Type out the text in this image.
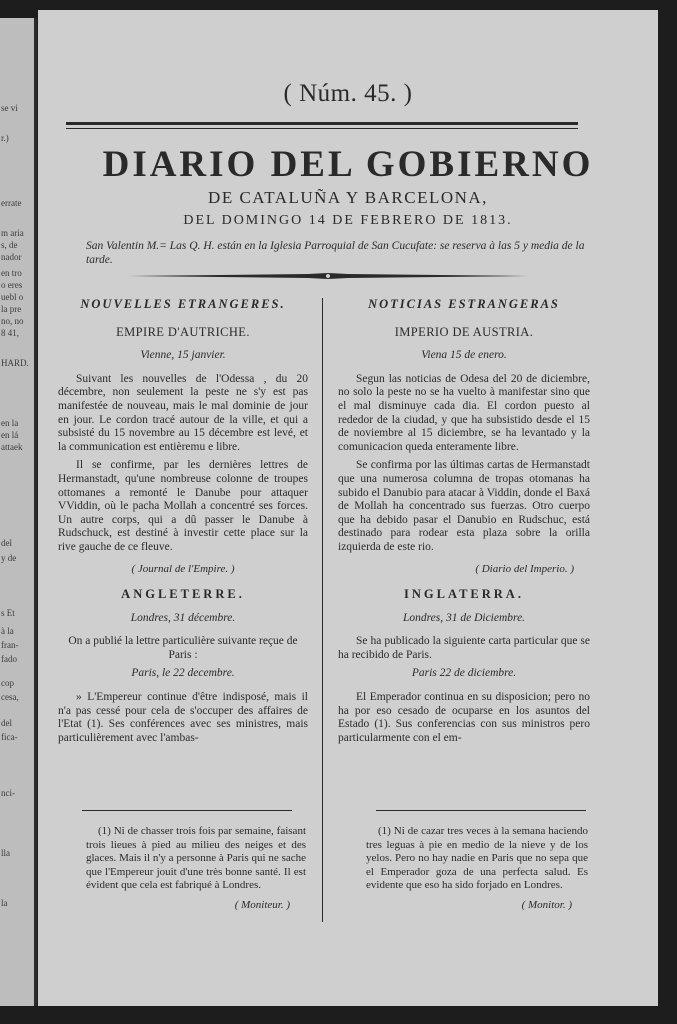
se vi
r.)
errate
m aria
s, de
nador
en tro
o eres
uebl o
la pre
no, no
8 41,
HARD.
en la
en lá
attaek
del
y de
s Et
à la
fran-
fado
cop
cesa,
del
fica-
nci-
lla
la
( Núm. 45. )
DIARIO DEL GOBIERNO
DE CATALUÑA Y BARCELONA,
DEL DOMINGO 14 DE FEBRERO DE 1813.
San Valentin M.= Las Q. H. están en la Iglesia Parroquial de San Cucufate: se reserva à las 5 y media de la tarde.
NOUVELLES ETRANGERES.
EMPIRE D'AUTRICHE.
Vienne, 15 janvier.

Suivant les nouvelles de l'Odessa , du 20 décembre, non seulement la peste ne s'y est pas manifestée de nouveau, mais le mal dominie de jour en jour. Le cordon tracé autour de la ville, et qui a subsisté du 15 novembre au 15 décembre est levé, et la communication est entièremu e libre.

Il se confirme, par les dernières lettres de Hermanstadt, qu'une nombreuse colonne de troupes ottomanes a remonté le Danube pour attaquer VViddin, où le pacha Mollah a concentré ses forces. Un autre corps, qui a dû passer le Danube à Rudschuck, est destiné à investir cette place sur la rive gauche de ce fleuve.

( Journal de l'Empire. )
ANGLETERRE.
Londres, 31 décembre.

On a publié la lettre particulière suivante reçue de Paris :

Paris, le 22 decembre.

» L'Empereur continue d'être indisposé, mais il n'a pas cessé pour cela de s'occuper des affaires de l'Etat (1). Ses conférences avec ses ministres, mais particulièrement avec l'ambas-

NOTICIAS ESTRANGERAS
IMPERIO DE AUSTRIA.
Viena 15 de enero.

Segun las noticias de Odesa del 20 de diciembre, no solo la peste no se ha vuelto à manifestar sino que el mal disminuye cada dia. El cordon puesto al rededor de la ciudad, y que ha subsistido desde el 15 de noviembre al 15 diciembre, se ha levantado y la comunicacion queda enteramente libre.

Se confirma por las últimas cartas de Hermanstadt que una numerosa columna de tropas otomanas ha subido el Danubio para atacar à Viddin, donde el Baxá de Mollah ha concentrado sus fuerzas. Otro cuerpo que ha debido pasar el Danubio en Rudschuc, está destinado para rodear esta plaza sobre la orilla izquierda de este rio.

( Diario del Imperio. )
INGLATERRA.
Londres, 31 de Diciembre.

Se ha publicado la siguiente carta particular que se ha recibido de Paris.

Paris 22 de diciembre.

El Emperador continua en su disposicion; pero no ha por eso cesado de ocuparse en los asuntos del Estado (1). Sus conferencias con sus ministros pero particularmente con el em-

(1) Ni de chasser trois fois par semaine, faisant trois lieues à pied au milieu des neiges et des glaces. Mais il n'y a personne à Paris qui ne sache que l'Empereur jouit d'une très bonne santé. Il est évident que cela est fabriqué à Londres.

( Moniteur. )

(1) Ni de cazar tres veces à la semana haciendo tres leguas à pie en medio de la nieve y de los yelos. Pero no hay nadie en Paris que no sepa que el Emperador goza de una perfecta salud. Es evidente que eso ha sido forjado en Londres.

( Monitor. )
